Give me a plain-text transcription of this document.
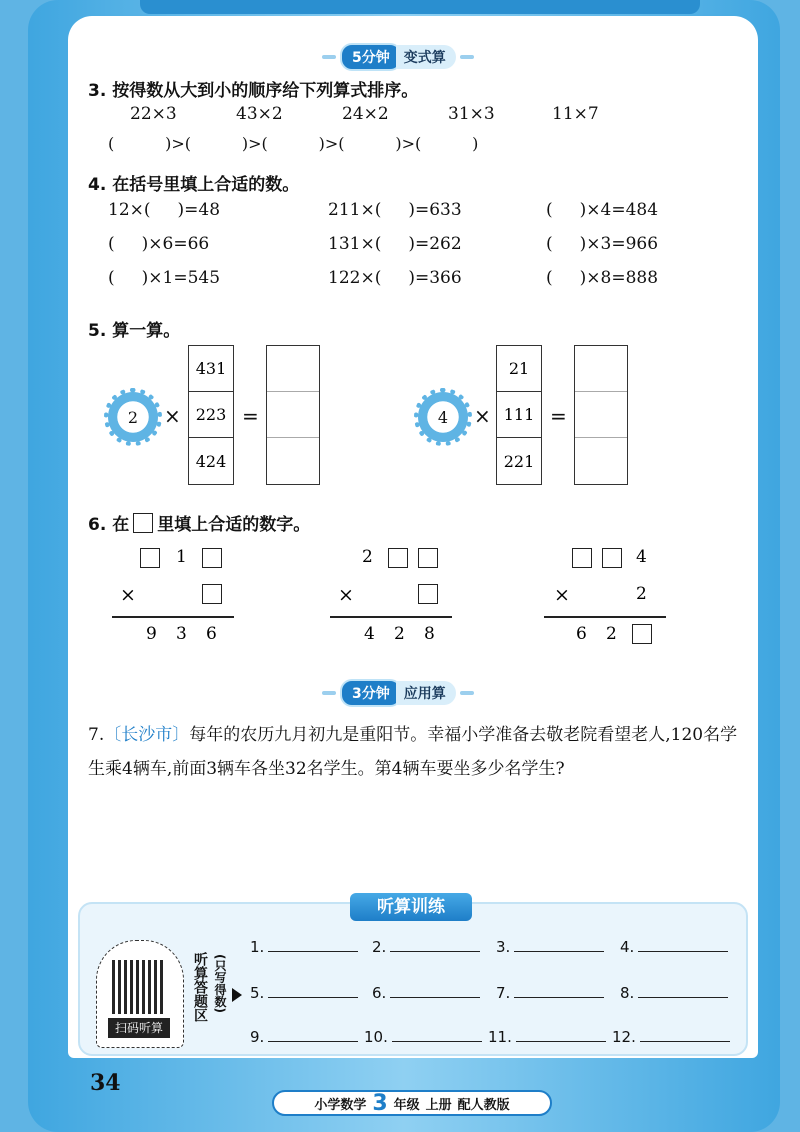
5分钟	变式算
3. 按得数从大到小的顺序给下列算式排序。
22×3	43×2	24×2	31×3	11×7
(          )>(          )>(          )>(          )>(          )
4. 在括号里填上合适的数。
12×(     )=48	211×(     )=633	(     )×4=484
(     )×6=66	131×(     )=262	(     )×3=966
(     )×1=545	122×(     )=366	(     )×8=888
5. 算一算。
2 ×
431
223
424
=	4 ×
21
111
221
=
6. 在 里填上合适的数字。
1
×
9 3 6
2
×
4 2 8
4
×	2
6 2
3分钟	应用算
7.〔长沙市〕每年的农历九月初九是重阳节。幸福小学准备去敬老院看望老人,120名学生乘4辆车,前面3辆车各坐32名学生。第4辆车要坐多少名学生?
听算训练
扫码听算
听算答题区 (只写得数)
1.	2.	3.	4.
5.	6.	7.	8.
9.	10.	11.	12.
34
小学数学 3 年级 上册 配人教版
